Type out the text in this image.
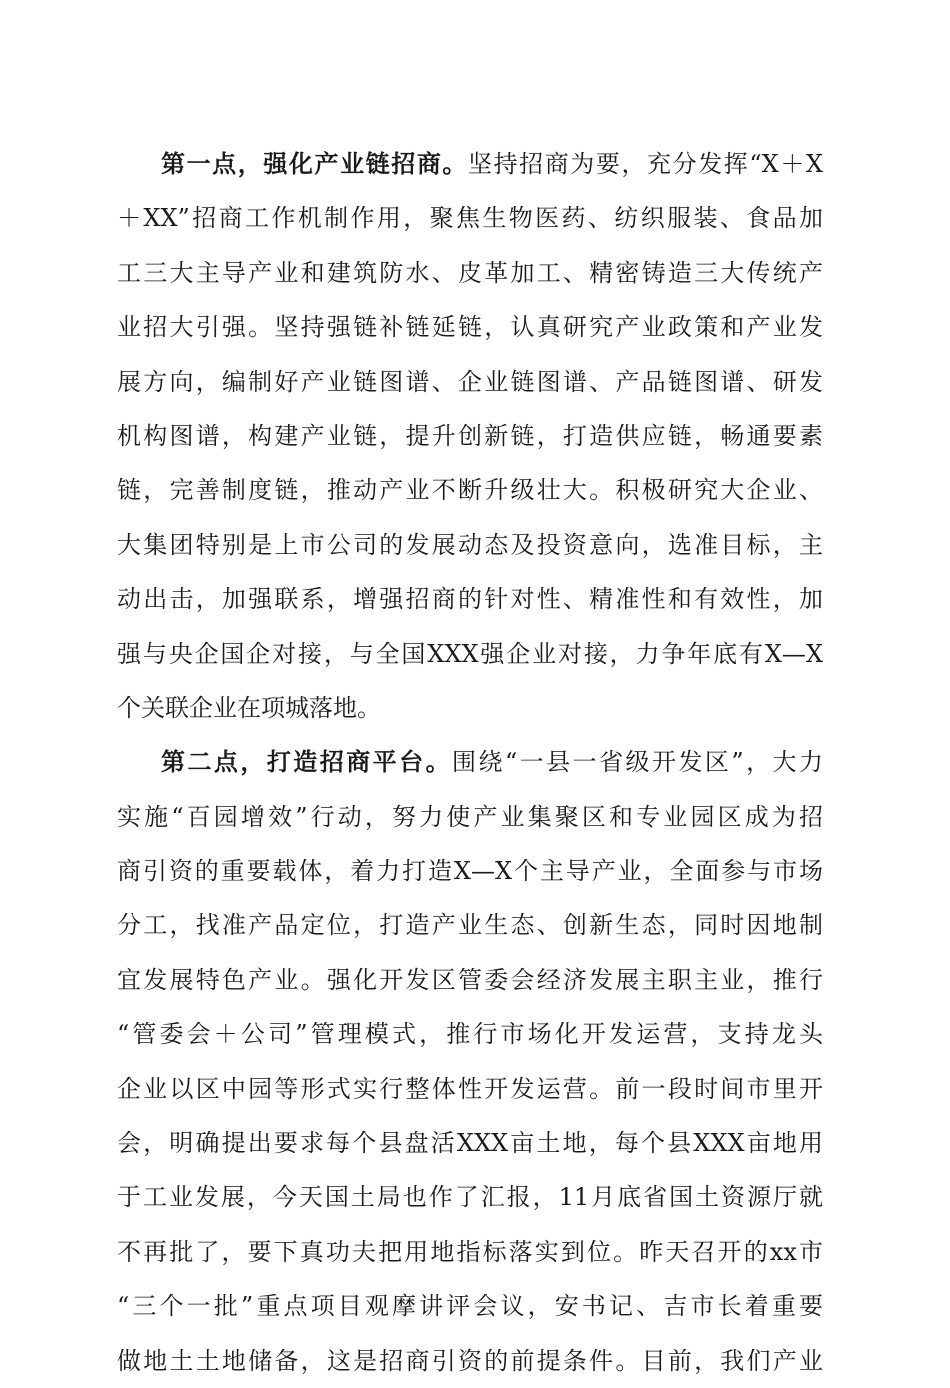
第一点，强化产业链招商。坚持招商为要，充分发挥“X＋X
＋XX”招商工作机制作用，聚焦生物医药、纺织服装、食品加
工三大主导产业和建筑防水、皮革加工、精密铸造三大传统产
业招大引强。坚持强链补链延链，认真研究产业政策和产业发
展方向，编制好产业链图谱、企业链图谱、产品链图谱、研发
机构图谱，构建产业链，提升创新链，打造供应链，畅通要素
链，完善制度链，推动产业不断升级壮大。积极研究大企业、
大集团特别是上市公司的发展动态及投资意向，选准目标，主
动出击，加强联系，增强招商的针对性、精准性和有效性，加
强与央企国企对接，与全国XXX强企业对接，力争年底有X—X
个关联企业在项城落地。
第二点，打造招商平台。围绕“一县一省级开发区”，大力
实施“百园增效”行动，努力使产业集聚区和专业园区成为招
商引资的重要载体，着力打造X—X个主导产业，全面参与市场
分工，找准产品定位，打造产业生态、创新生态，同时因地制
宜发展特色产业。强化开发区管委会经济发展主职主业，推行
“管委会＋公司”管理模式，推行市场化开发运营，支持龙头
企业以区中园等形式实行整体性开发运营。前一段时间市里开
会，明确提出要求每个县盘活XXX亩土地，每个县XXX亩地用
于工业发展，今天国土局也作了汇报，11月底省国土资源厅就
不再批了，要下真功夫把用地指标落实到位。昨天召开的xx市
“三个一批”重点项目观摩讲评会议，安书记、吉市长着重要
做地土土地储备，这是招商引资的前提条件。目前，我们产业
